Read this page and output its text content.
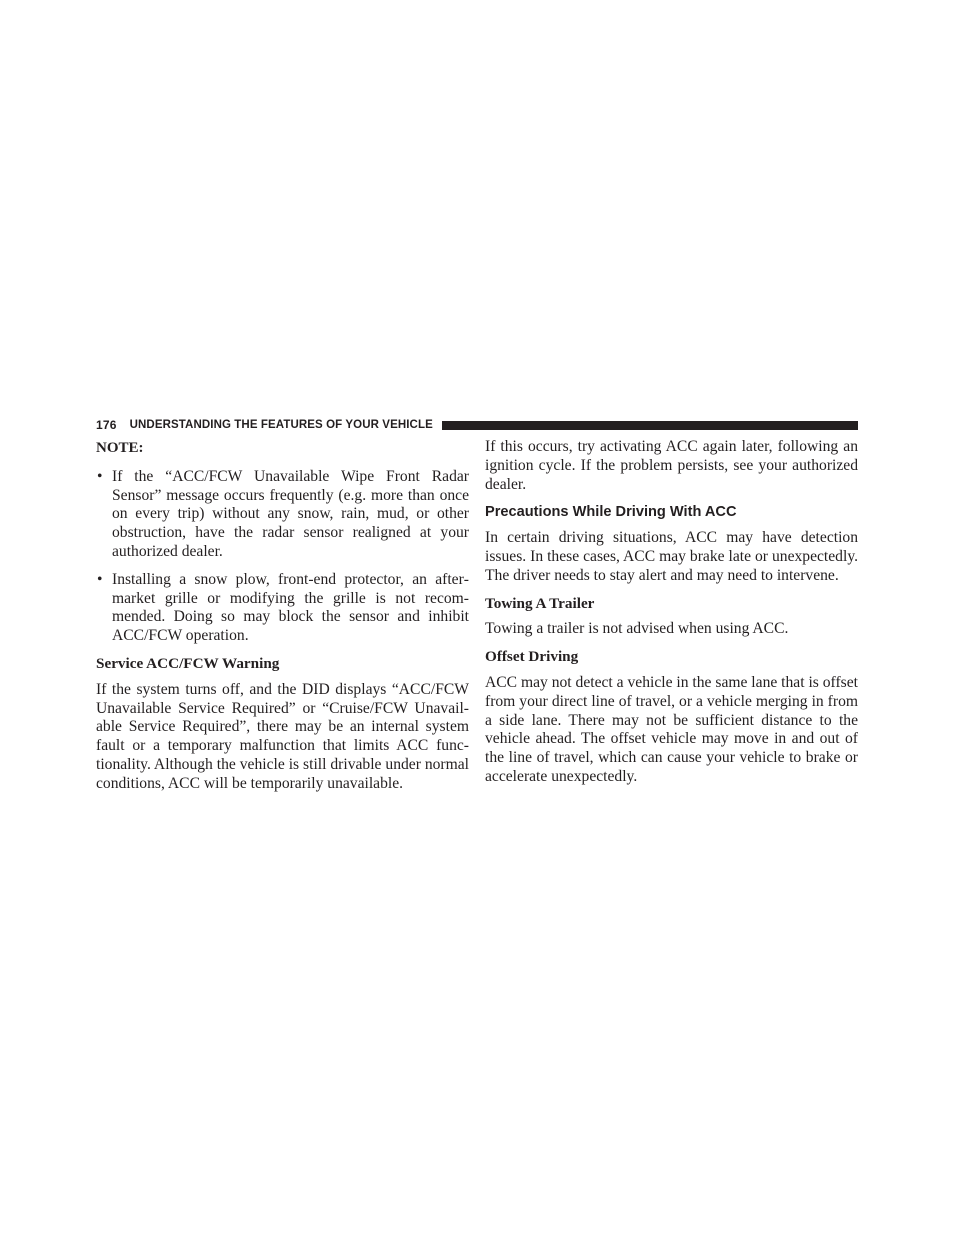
176 UNDERSTANDING THE FEATURES OF YOUR VEHICLE

NOTE:

• If the “ACC/FCW Unavailable Wipe Front Radar Sensor” message occurs frequently (e.g. more than once on every trip) without any snow, rain, mud, or other obstruction, have the radar sensor realigned at your authorized dealer.

• Installing a snow plow, front-end protector, an aftermarket grille or modifying the grille is not recommended. Doing so may block the sensor and inhibit ACC/FCW operation.

Service ACC/FCW Warning

If the system turns off, and the DID displays “ACC/FCW Unavailable Service Required” or “Cruise/FCW Unavailable Service Required”, there may be an internal system fault or a temporary malfunction that limits ACC functionality. Although the vehicle is still drivable under normal conditions, ACC will be temporarily unavailable.

If this occurs, try activating ACC again later, following an ignition cycle. If the problem persists, see your authorized dealer.

Precautions While Driving With ACC

In certain driving situations, ACC may have detection issues. In these cases, ACC may brake late or unexpectedly. The driver needs to stay alert and may need to intervene.

Towing A Trailer

Towing a trailer is not advised when using ACC.

Offset Driving

ACC may not detect a vehicle in the same lane that is offset from your direct line of travel, or a vehicle merging in from a side lane. There may not be sufficient distance to the vehicle ahead. The offset vehicle may move in and out of the line of travel, which can cause your vehicle to brake or accelerate unexpectedly.
